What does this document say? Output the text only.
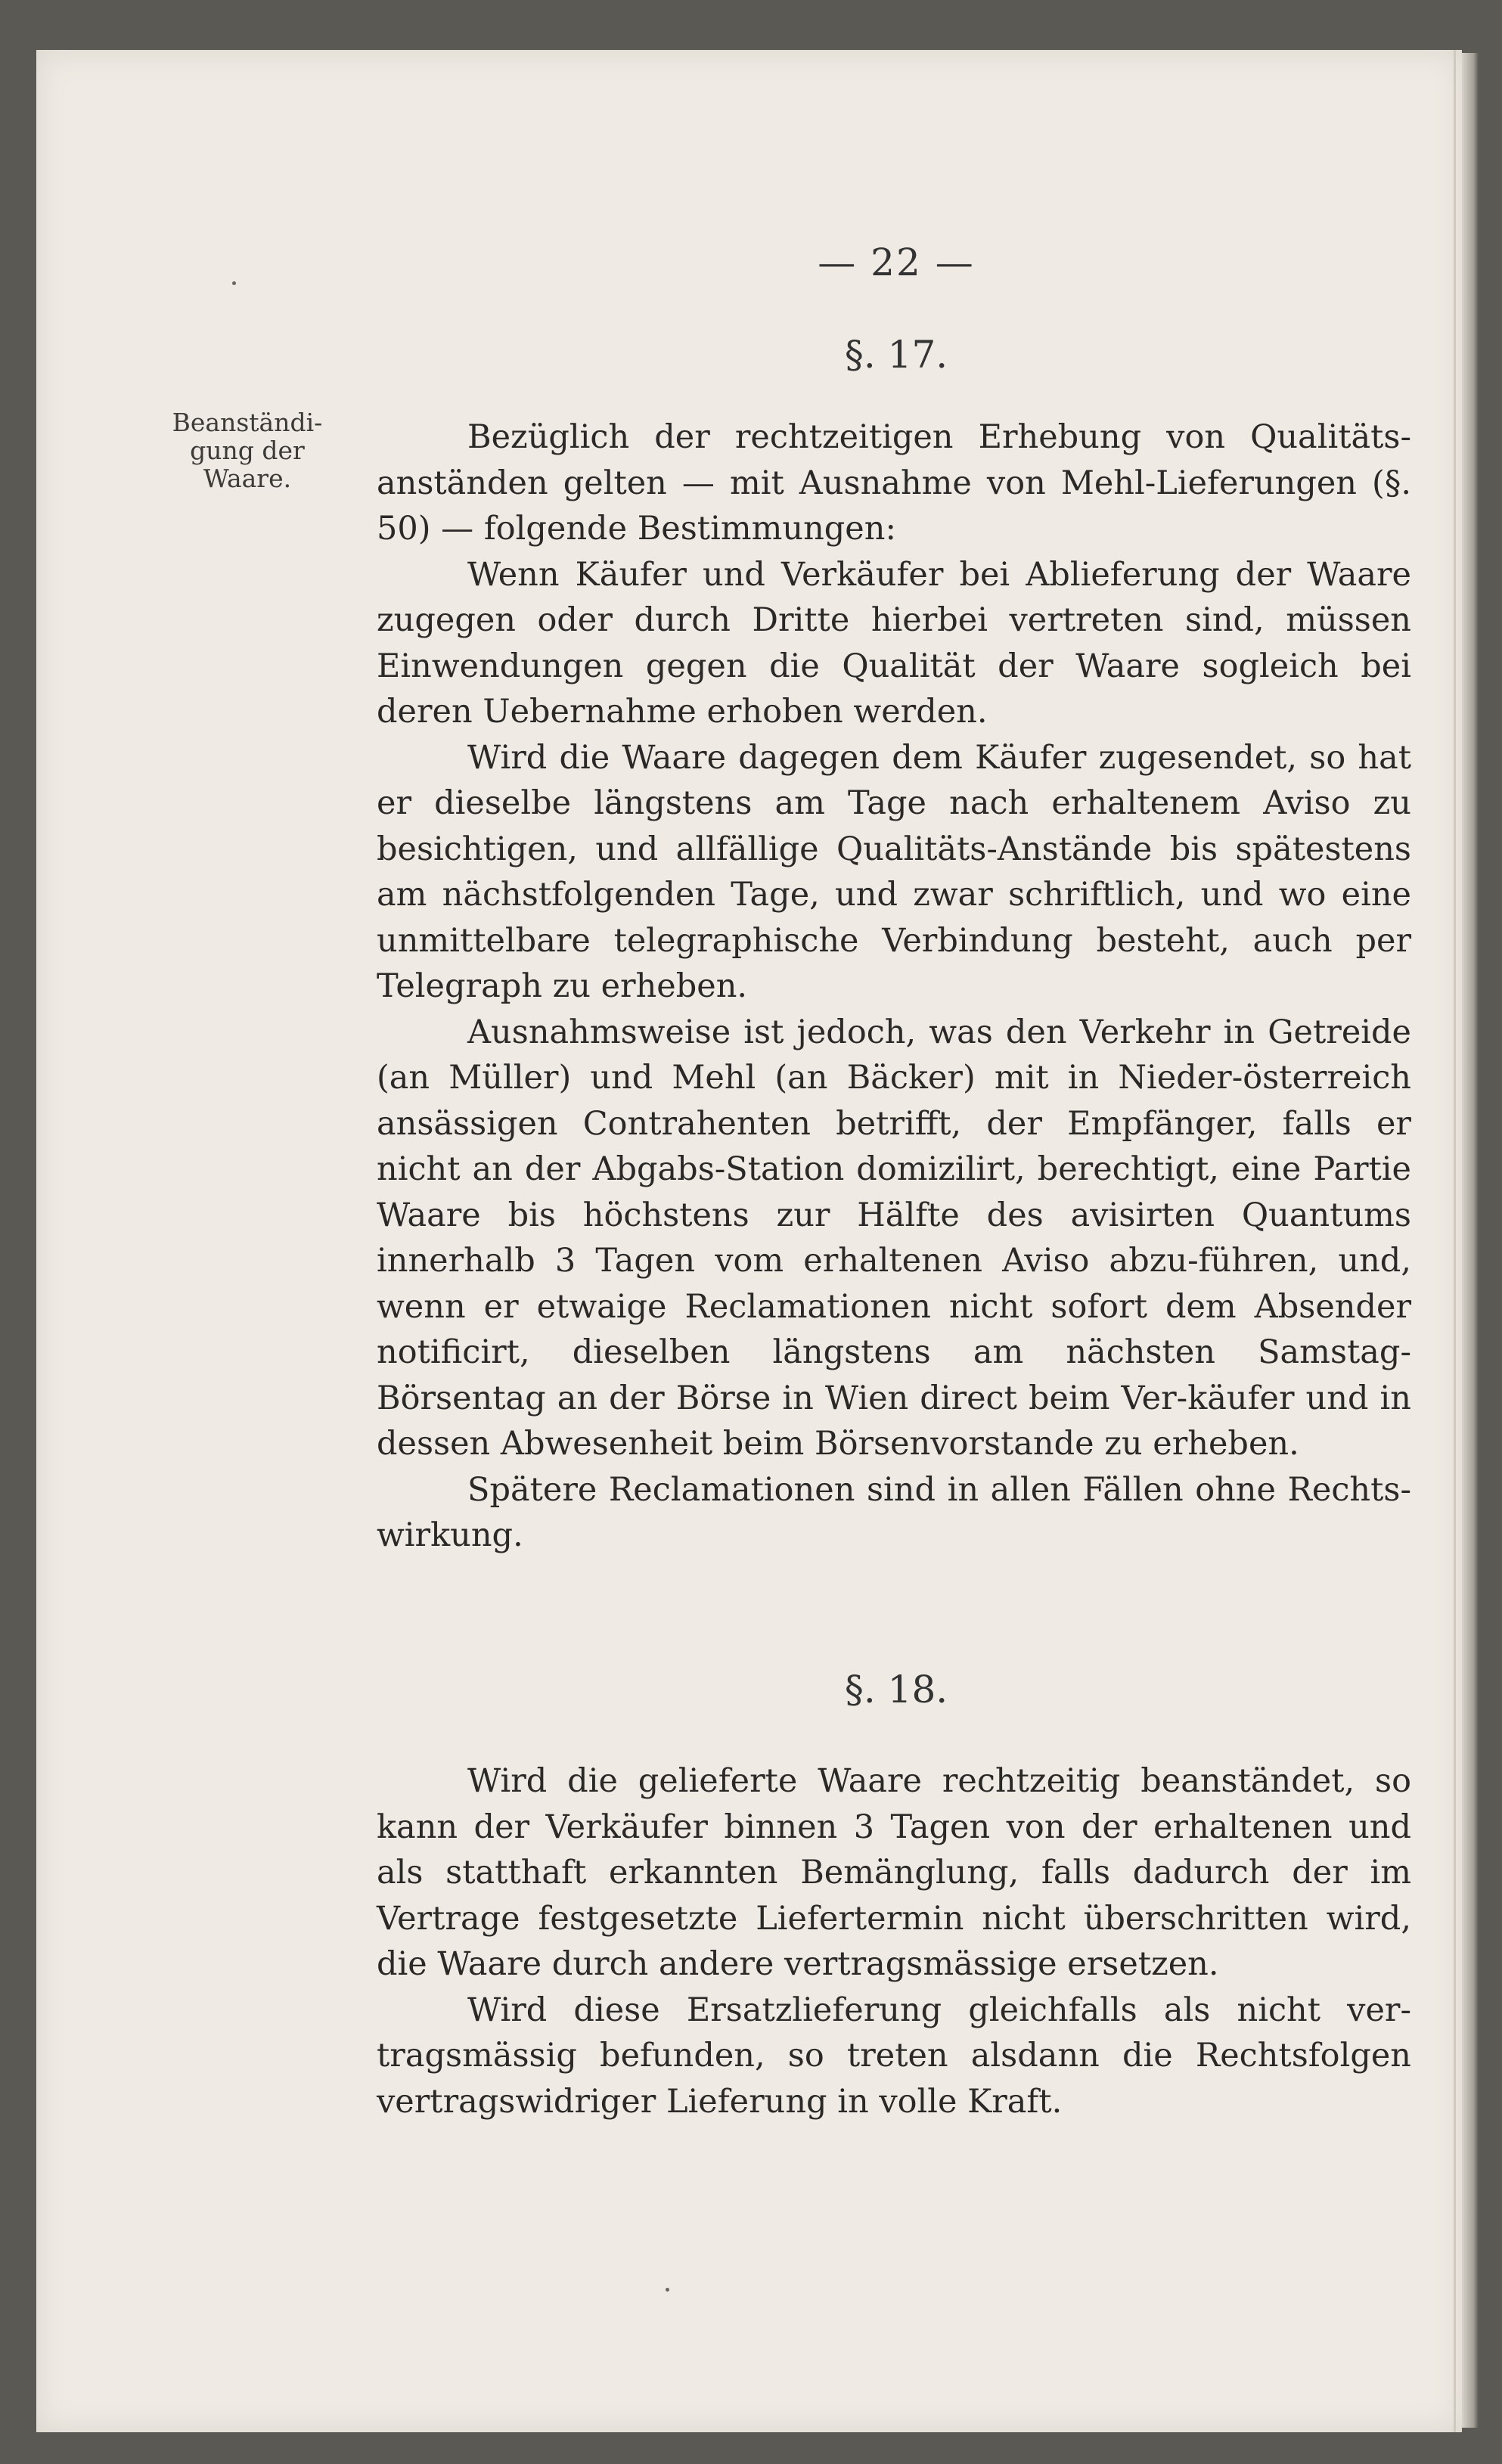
— 22 —
Beanständi-gung der Waare.
§. 17.

Bezüglich der rechtzeitigen Erhebung von Qualitäts-anständen gelten — mit Ausnahme von Mehl-Lieferungen (§. 50) — folgende Bestimmungen:

Wenn Käufer und Verkäufer bei Ablieferung der Waare zugegen oder durch Dritte hierbei vertreten sind, müssen Einwendungen gegen die Qualität der Waare sogleich bei deren Uebernahme erhoben werden.

Wird die Waare dagegen dem Käufer zugesendet, so hat er dieselbe längstens am Tage nach erhaltenem Aviso zu besichtigen, und allfällige Qualitäts-Anstände bis spätestens am nächstfolgenden Tage, und zwar schriftlich, und wo eine unmittelbare telegraphische Verbindung besteht, auch per Telegraph zu erheben.

Ausnahmsweise ist jedoch, was den Verkehr in Getreide (an Müller) und Mehl (an Bäcker) mit in Nieder-österreich ansässigen Contrahenten betrifft, der Empfänger, falls er nicht an der Abgabs-Station domizilirt, berechtigt, eine Partie Waare bis höchstens zur Hälfte des avisirten Quantums innerhalb 3 Tagen vom erhaltenen Aviso abzu-führen, und, wenn er etwaige Reclamationen nicht sofort dem Absender notificirt, dieselben längstens am nächsten Samstag-Börsentag an der Börse in Wien direct beim Ver-käufer und in dessen Abwesenheit beim Börsenvorstande zu erheben.

Spätere Reclamationen sind in allen Fällen ohne Rechts-wirkung.

§. 18.

Wird die gelieferte Waare rechtzeitig beanständet, so kann der Verkäufer binnen 3 Tagen von der erhaltenen und als statthaft erkannten Bemänglung, falls dadurch der im Vertrage festgesetzte Liefertermin nicht überschritten wird, die Waare durch andere vertragsmässige ersetzen.

Wird diese Ersatzlieferung gleichfalls als nicht ver-tragsmässig befunden, so treten alsdann die Rechtsfolgen vertragswidriger Lieferung in volle Kraft.
